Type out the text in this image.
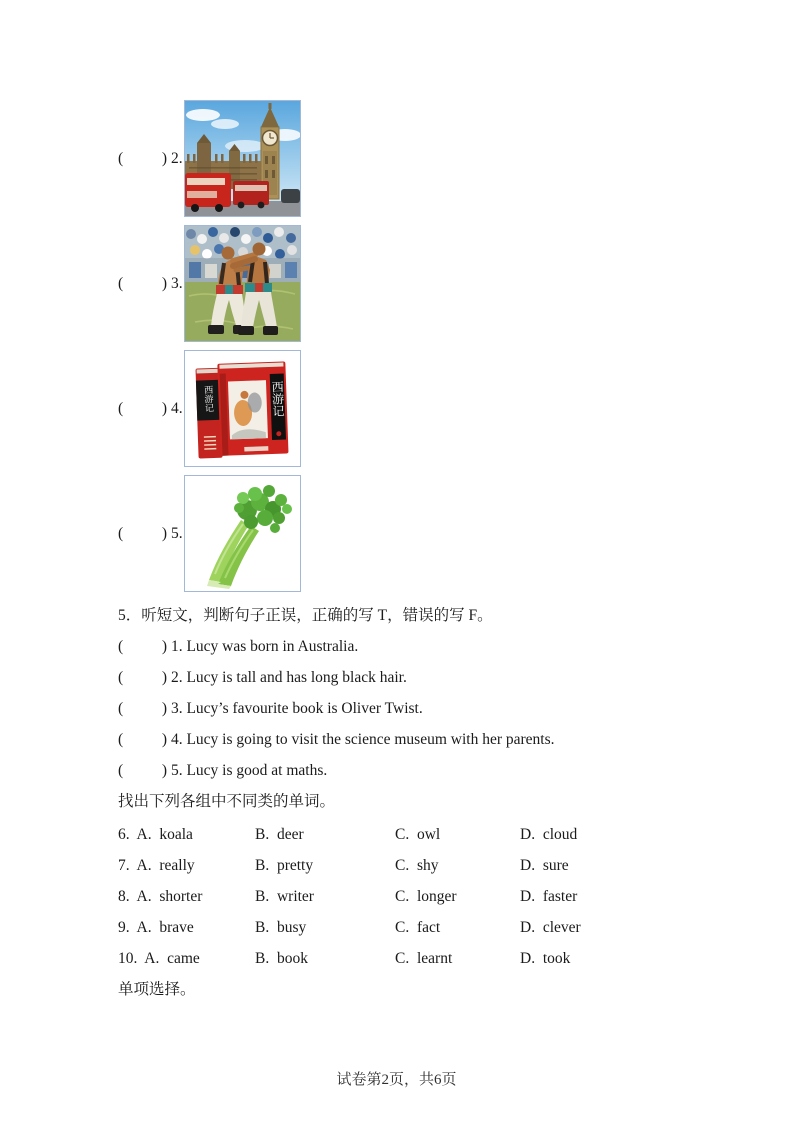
(          ) 2.
(          ) 3.
(          ) 4. 西游记	西游记
(          ) 5.

5．听短文，判断句子正误，正确的写 T，错误的写 F。

(          ) 1. Lucy was born in Australia.

(          ) 2. Lucy is tall and has long black hair.

(          ) 3. Lucy’s favourite book is Oliver Twist.

(          ) 4. Lucy is going to visit the science museum with her parents.

(          ) 5. Lucy is good at maths.

找出下列各组中不同类的单词。

6.  A.  koala	B.  deer	C.  owl	D.  cloud
7.  A.  really	B.  pretty	C.  shy	D.  sure
8.  A.  shorter	B.  writer	C.  longer	D.  faster
9.  A.  brave	B.  busy	C.  fact	D.  clever
10.  A.  came	B.  book	C.  learnt	D.  took

单项选择。

试卷第2页，共6页
